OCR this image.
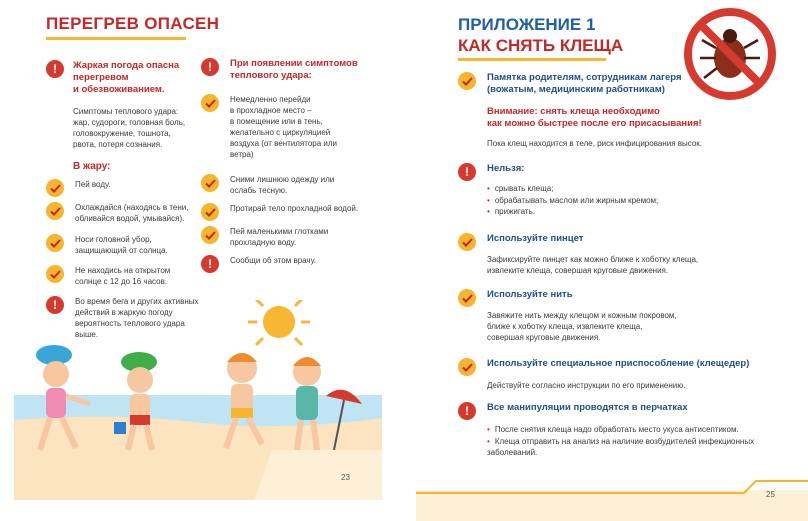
ПЕРЕГРЕВ ОПАСЕН
!	Жаркая погода опасна
перегревом
и обезвоживанием.
Симптомы теплового удара:
жар, судороги, головная боль,
головокружение, тошнота,
рвота, потеря сознания.
В жару:
Пей воду.
Охлаждайся (находясь в тени,
обливайся водой, умывайся).
Носи головной убор,
защищающий от солнца.
Не находись на открытом
солнце с 12 до 16 часов.
!	Во время бега и других активных
действий в жаркую погоду
вероятность теплового удара
выше.
!	При появлении симптомов
теплового удара:
Немедленно перейди
в прохладное место –
в помещение или в тень,
желательно с циркуляцией
воздуха (от вентилятора или
ветра)
Сними лишнюю одежду или
ослабь тесную.
Протирай тело прохладной водой.
Пей маленькими глотками
прохладную воду.
!	Сообщи об этом врачу.
23
ПРИЛОЖЕНИЕ 1
КАК СНЯТЬ КЛЕЩА
Памятка родителям, сотрудникам лагеря
(вожатым, медицинским работникам)
Внимание: снять клеща необходимо
как можно быстрее после его присасывания!
Пока клещ находится в теле, риск инфицирования высок.
!	Нельзя:
• срывать клеща;
• обрабатывать маслом или жирным кремом;
• прижигать.
Используйте пинцет
Зафиксируйте пинцет как можно ближе к хоботку клеща,
извлеките клеща, совершая круговые движения.
Используйте нить
Завяжите нить между клещом и кожным покровом,
ближе к хоботку клеща, извлеките клеща,
совершая круговые движения.
Используйте специальное приспособление (клещедер)
Действуйте согласно инструкции по его применению.
!	Все манипуляции проводятся в перчатках
• После снятия клеща надо обработать место укуса антисептиком.
• Клеща отправить на анализ на наличие возбудителей инфекционных заболеваний.
25
